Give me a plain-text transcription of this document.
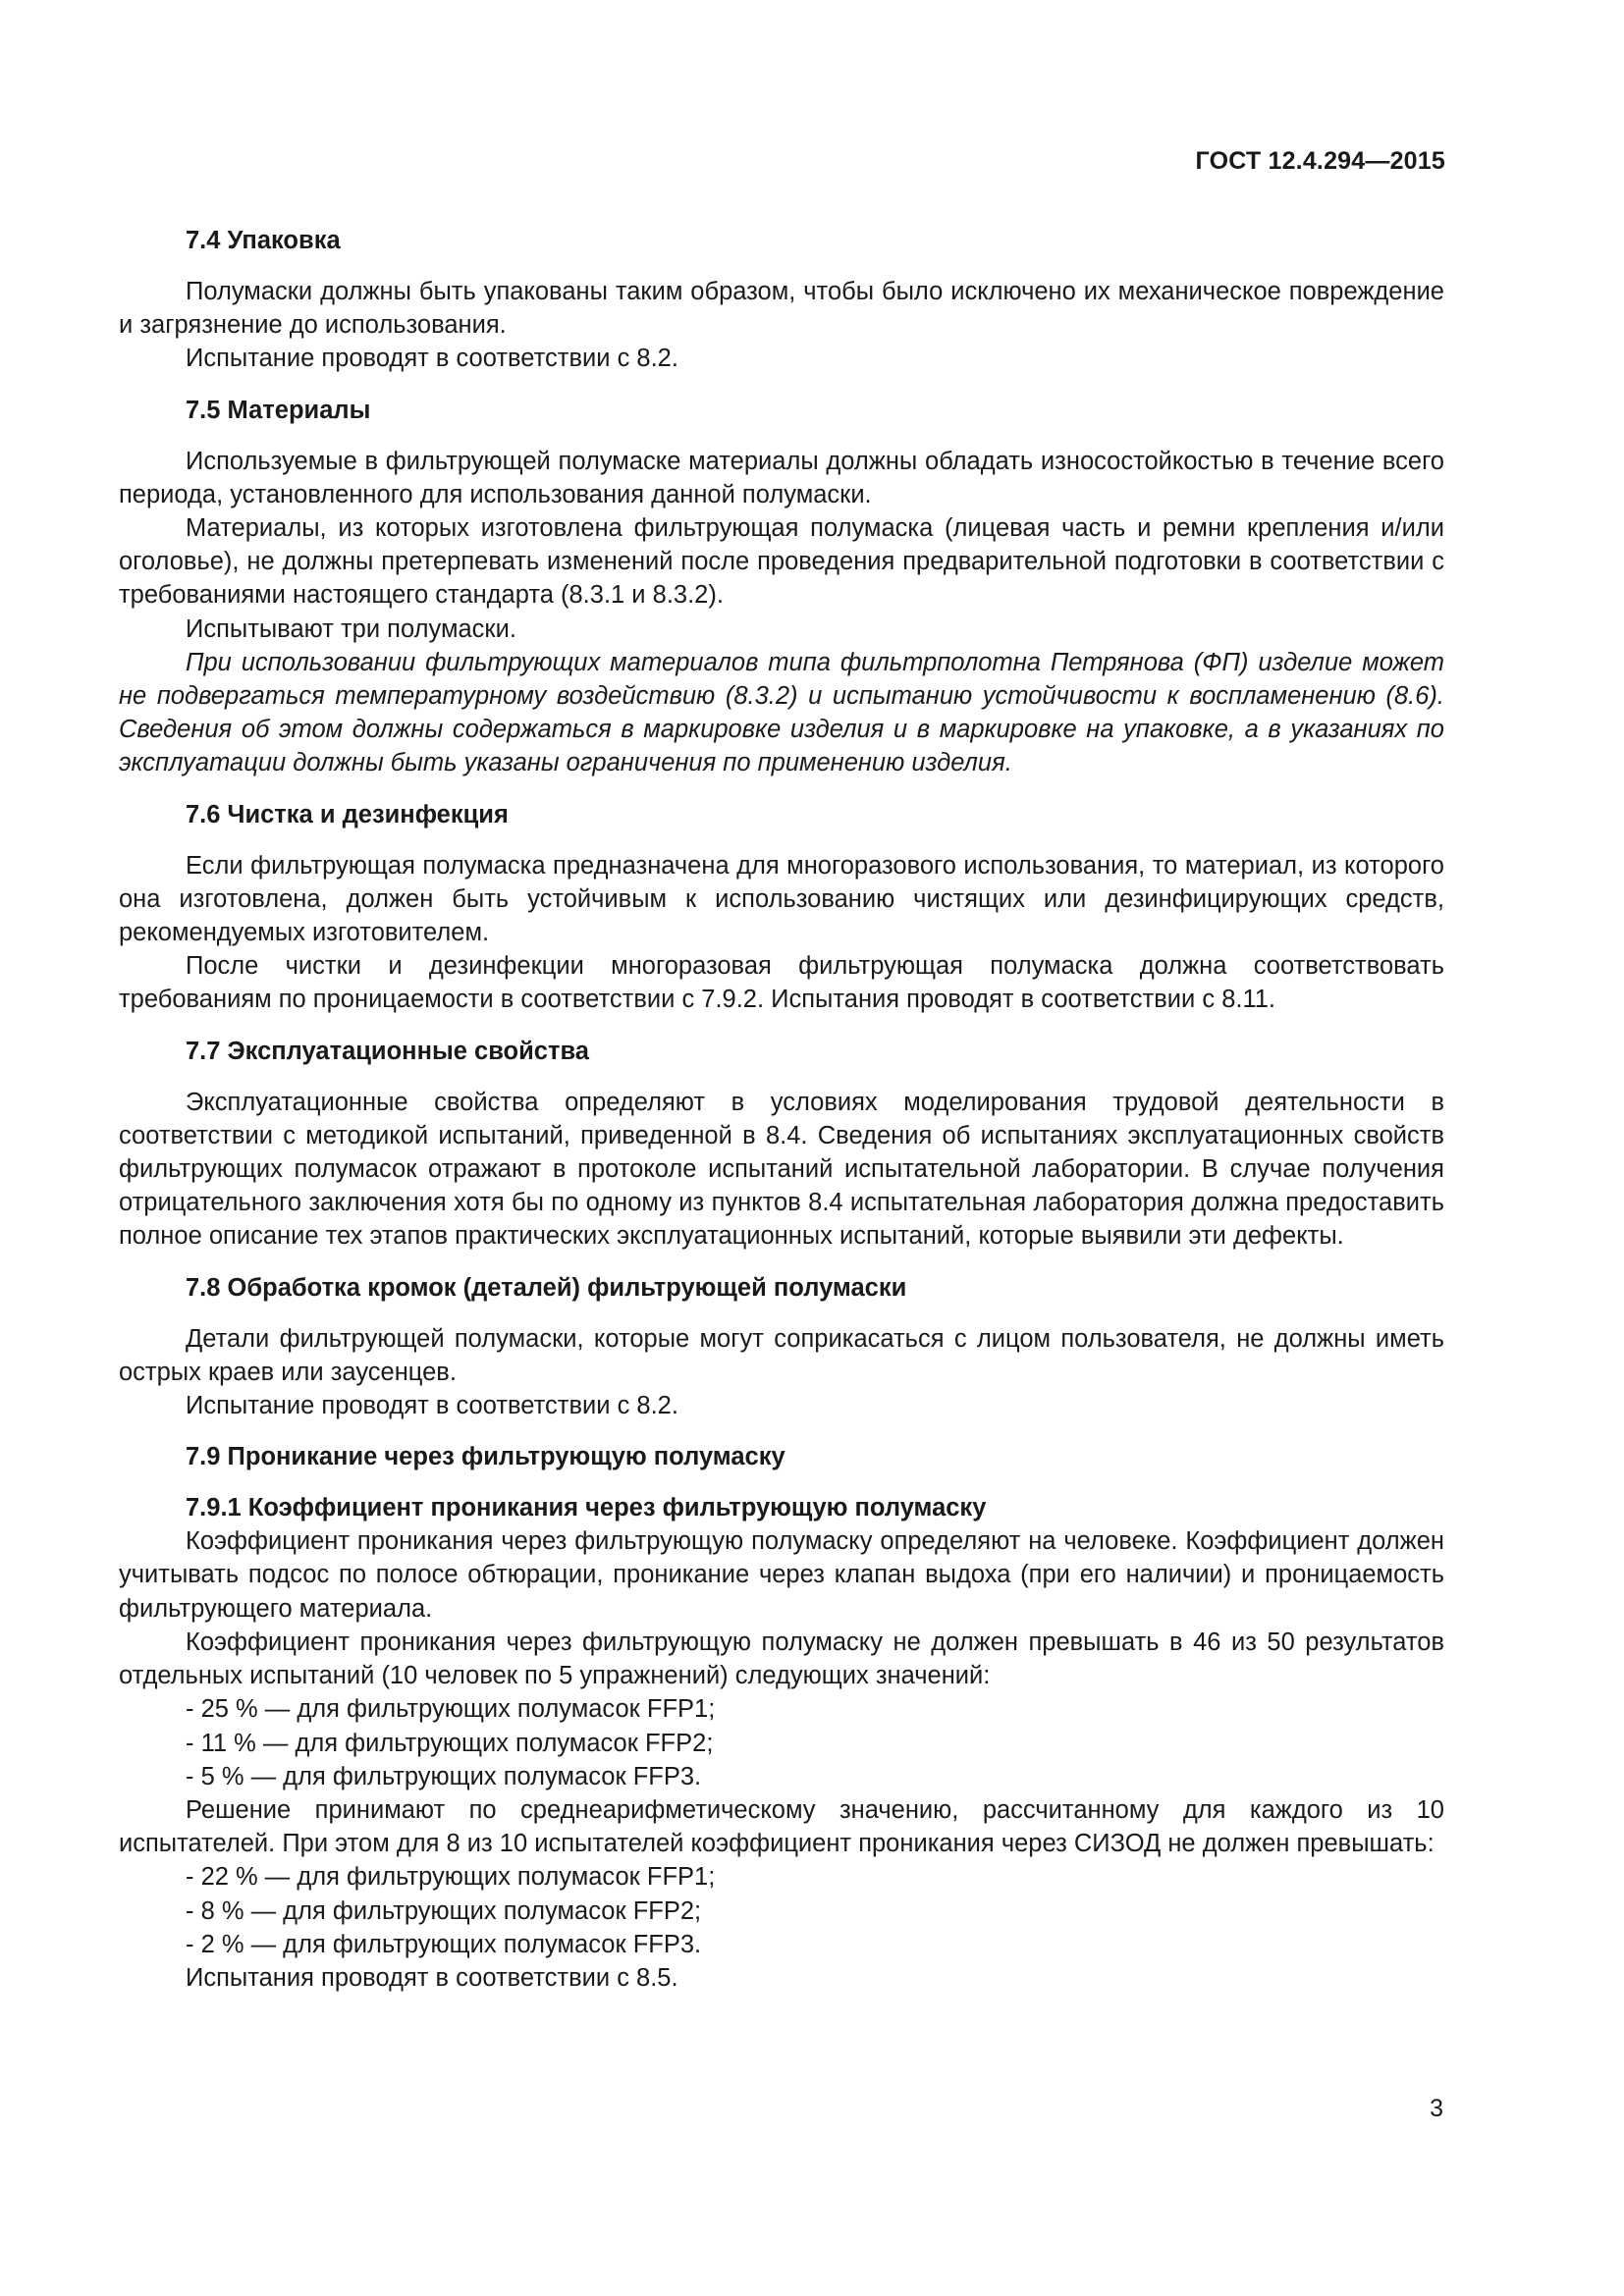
ГОСТ 12.4.294—2015
7.4 Упаковка

Полумаски должны быть упакованы таким образом, чтобы было исключено их механическое повреждение и загрязнение до использования.

Испытание проводят в соответствии с 8.2.

7.5 Материалы

Используемые в фильтрующей полумаске материалы должны обладать износостойкостью в течение всего периода, установленного для использования данной полумаски.

Материалы, из которых изготовлена фильтрующая полумаска (лицевая часть и ремни крепления и/или оголовье), не должны претерпевать изменений после проведения предварительной подготовки в соответствии с требованиями настоящего стандарта (8.3.1 и 8.3.2).

Испытывают три полумаски.

При использовании фильтрующих материалов типа фильтрполотна Петрянова (ФП) изделие может не подвергаться температурному воздействию (8.3.2) и испытанию устойчивости к воспламенению (8.6). Сведения об этом должны содержаться в маркировке изделия и в маркировке на упаковке, а в указаниях по эксплуатации должны быть указаны ограничения по применению изделия.

7.6 Чистка и дезинфекция

Если фильтрующая полумаска предназначена для многоразового использования, то материал, из которого она изготовлена, должен быть устойчивым к использованию чистящих или дезинфицирующих средств, рекомендуемых изготовителем.

После чистки и дезинфекции многоразовая фильтрующая полумаска должна соответствовать требованиям по проницаемости в соответствии с 7.9.2. Испытания проводят в соответствии с 8.11.

7.7 Эксплуатационные свойства

Эксплуатационные свойства определяют в условиях моделирования трудовой деятельности в соответствии с методикой испытаний, приведенной в 8.4. Сведения об испытаниях эксплуатационных свойств фильтрующих полумасок отражают в протоколе испытаний испытательной лаборатории. В случае получения отрицательного заключения хотя бы по одному из пунктов 8.4 испытательная лаборатория должна предоставить полное описание тех этапов практических эксплуатационных испытаний, которые выявили эти дефекты.

7.8 Обработка кромок (деталей) фильтрующей полумаски

Детали фильтрующей полумаски, которые могут соприкасаться с лицом пользователя, не должны иметь острых краев или заусенцев.

Испытание проводят в соответствии с 8.2.

7.9 Проникание через фильтрующую полумаску
7.9.1 Коэффициент проникания через фильтрующую полумаску

Коэффициент проникания через фильтрующую полумаску определяют на человеке. Коэффициент должен учитывать подсос по полосе обтюрации, проникание через клапан выдоха (при его наличии) и проницаемость фильтрующего материала.

Коэффициент проникания через фильтрующую полумаску не должен превышать в 46 из 50 результатов отдельных испытаний (10 человек по 5 упражнений) следующих значений:

- 25 % — для фильтрующих полумасок FFP1;

- 11 % — для фильтрующих полумасок FFP2;

- 5 % — для фильтрующих полумасок FFP3.

Решение принимают по среднеарифметическому значению, рассчитанному для каждого из 10 испытателей. При этом для 8 из 10 испытателей коэффициент проникания через СИЗОД не должен превышать:

- 22 % — для фильтрующих полумасок FFP1;

- 8 % — для фильтрующих полумасок FFP2;

- 2 % — для фильтрующих полумасок FFP3.

Испытания проводят в соответствии с 8.5.

3
